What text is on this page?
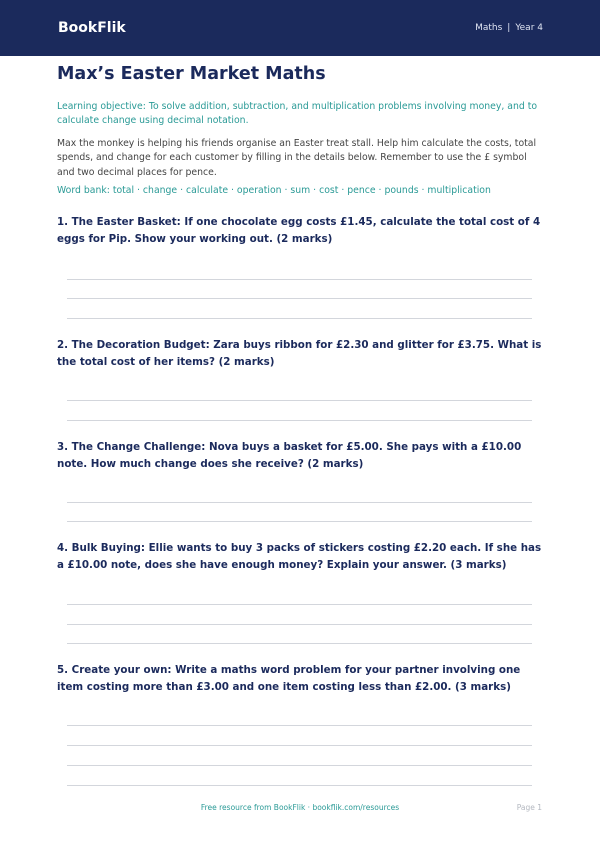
BookFlik	Maths | Year 4
Max’s Easter Market Maths
Learning objective: To solve addition, subtraction, and multiplication problems involving money, and to calculate change using decimal notation.
Max the monkey is helping his friends organise an Easter treat stall. Help him calculate the costs, total spends, and change for each customer by filling in the details below. Remember to use the £ symbol and two decimal places for pence.
Word bank: total · change · calculate · operation · sum · cost · pence · pounds · multiplication
1. The Easter Basket: If one chocolate egg costs £1.45, calculate the total cost of 4 eggs for Pip. Show your working out. (2 marks)
2. The Decoration Budget: Zara buys ribbon for £2.30 and glitter for £3.75. What is the total cost of her items? (2 marks)
3. The Change Challenge: Nova buys a basket for £5.00. She pays with a £10.00 note. How much change does she receive? (2 marks)
4. Bulk Buying: Ellie wants to buy 3 packs of stickers costing £2.20 each. If she has a £10.00 note, does she have enough money? Explain your answer. (3 marks)
5. Create your own: Write a maths word problem for your partner involving one item costing more than £3.00 and one item costing less than £2.00. (3 marks)
Free resource from BookFlik · bookflik.com/resources	Page 1
